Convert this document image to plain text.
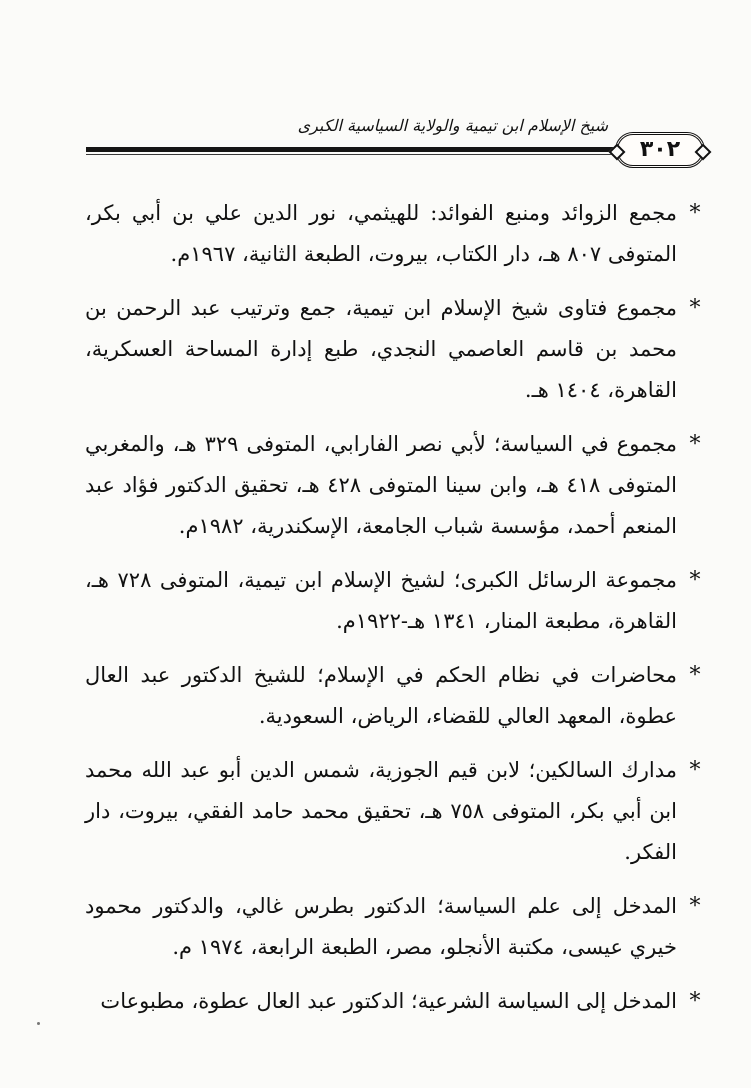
شيخ الإسلام ابن تيمية والولاية السياسية الكبرى
٣٠٢
*
مجمع الزوائد ومنبع الفوائد: للهيثمي، نور الدين علي بن أبي بكر، المتوفى ٨٠٧ هـ، دار الكتاب، بيروت، الطبعة الثانية، ١٩٦٧م.
*
مجموع فتاوى شيخ الإسلام ابن تيمية، جمع وترتيب عبد الرحمن بن محمد بن قاسم العاصمي النجدي، طبع إدارة المساحة العسكرية، القاهرة، ١٤٠٤ هـ.
*
مجموع في السياسة؛ لأبي نصر الفارابي، المتوفى ٣٢٩ هـ، والمغربي المتوفى ٤١٨ هـ، وابن سينا المتوفى ٤٢٨ هـ، تحقيق الدكتور فؤاد عبد المنعم أحمد، مؤسسة شباب الجامعة، الإسكندرية، ١٩٨٢م.
*
مجموعة الرسائل الكبرى؛ لشيخ الإسلام ابن تيمية، المتوفى ٧٢٨ هـ، القاهرة، مطبعة المنار، ١٣٤١ هـ-١٩٢٢م.
*
محاضرات في نظام الحكم في الإسلام؛ للشيخ الدكتور عبد العال عطوة، المعهد العالي للقضاء، الرياض، السعودية.
*
مدارك السالكين؛ لابن قيم الجوزية، شمس الدين أبو عبد الله محمد ابن أبي بكر، المتوفى ٧٥٨ هـ، تحقيق محمد حامد الفقي، بيروت، دار الفكر.
*
المدخل إلى علم السياسة؛ الدكتور بطرس غالي، والدكتور محمود خيري عيسى، مكتبة الأنجلو، مصر، الطبعة الرابعة، ١٩٧٤ م.
*
المدخل إلى السياسة الشرعية؛ الدكتور عبد العال عطوة، مطبوعات
